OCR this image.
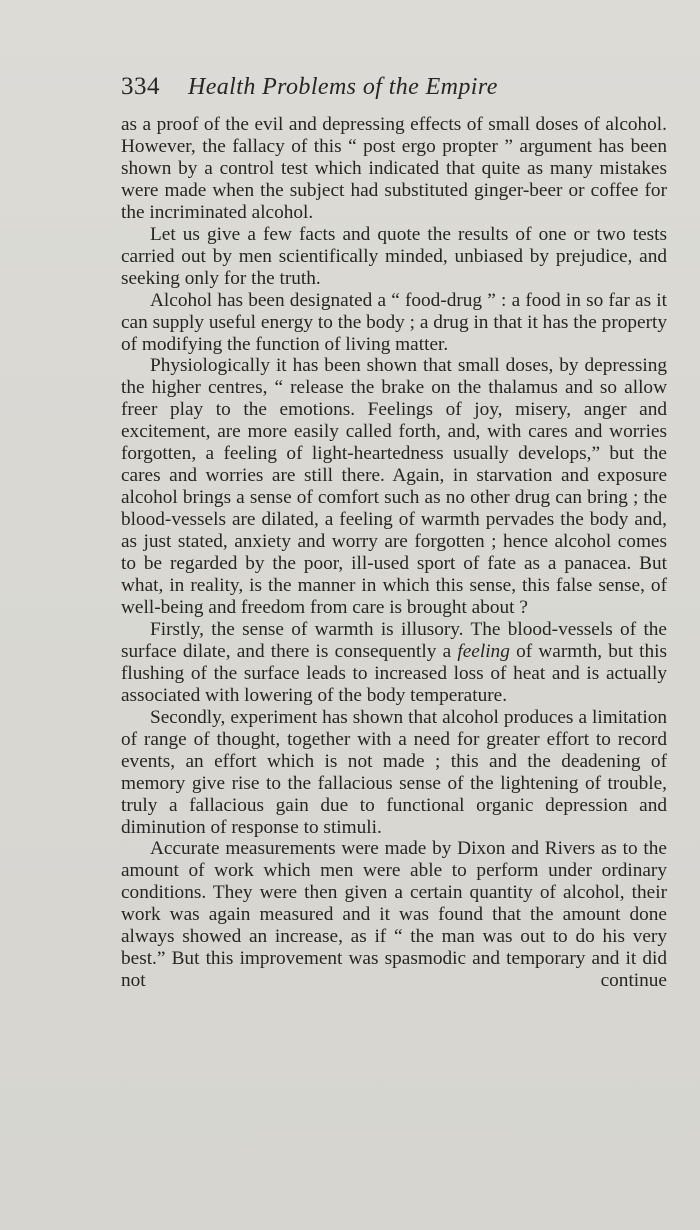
334 Health Problems of the Empire

as a proof of the evil and depressing effects of small doses of alcohol. However, the fallacy of this “ post ergo propter ” argument has been shown by a control test which indicated that quite as many mistakes were made when the subject had substituted ginger-beer or coffee for the incriminated alcohol.

Let us give a few facts and quote the results of one or two tests carried out by men scientifically minded, unbiased by prejudice, and seeking only for the truth.

Alcohol has been designated a “ food-drug ” : a food in so far as it can supply useful energy to the body ; a drug in that it has the property of modifying the function of living matter.

Physiologically it has been shown that small doses, by depressing the higher centres, “ release the brake on the thalamus and so allow freer play to the emotions. Feelings of joy, misery, anger and excitement, are more easily called forth, and, with cares and worries forgotten, a feeling of light-heartedness usually develops,” but the cares and worries are still there. Again, in starvation and exposure alcohol brings a sense of comfort such as no other drug can bring ; the blood-vessels are dilated, a feeling of warmth pervades the body and, as just stated, anxiety and worry are forgotten ; hence alcohol comes to be regarded by the poor, ill-used sport of fate as a panacea. But what, in reality, is the manner in which this sense, this false sense, of well-being and freedom from care is brought about ?

Firstly, the sense of warmth is illusory. The blood-vessels of the surface dilate, and there is consequently a feeling of warmth, but this flushing of the surface leads to increased loss of heat and is actually associated with lowering of the body temperature.

Secondly, experiment has shown that alcohol produces a limitation of range of thought, together with a need for greater effort to record events, an effort which is not made ; this and the deadening of memory give rise to the fallacious sense of the lightening of trouble, truly a fallacious gain due to functional organic depression and diminution of response to stimuli.

Accurate measurements were made by Dixon and Rivers as to the amount of work which men were able to perform under ordinary conditions. They were then given a certain quantity of alcohol, their work was again measured and it was found that the amount done always showed an increase, as if “ the man was out to do his very best.” But this improvement was spasmodic and temporary and it did not continue
